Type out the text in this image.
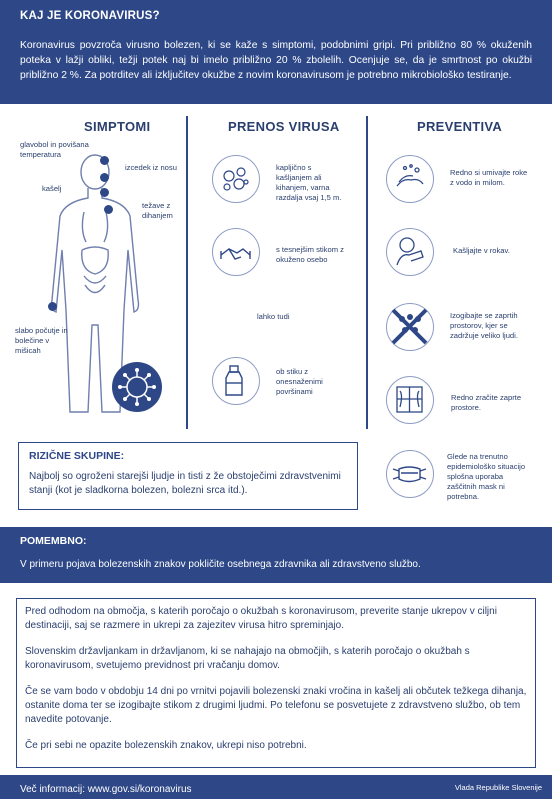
KAJ JE KORONAVIRUS?
Koronavirus povzroča virusno bolezen, ki se kaže s simptomi, podobnimi gripi. Pri približno 80 % okuženih poteka v lažji obliki, težji potek naj bi imelo približno 20 % zbolelih. Ocenjuje se, da je smrtnost po okužbi približno 2 %. Za potrditev ali izključitev okužbe z novim koronavirusom je potrebno mikrobiološko testiranje.
SIMPTOMI	PRENOS VIRUSA	PREVENTIVA
glavobol in povišana temperatura
izcedek iz nosu
kašelj
težave z dihanjem
slabo počutje in bolečine v mišicah
kapljično s kašljanjem ali kihanjem, varna razdalja vsaj 1,5 m.
s tesnejšim stikom z okuženo osebo
lahko tudi
ob stiku z onesnaženimi površinami
Redno si umivajte roke z vodo in milom.
Kašljajte v rokav.
Izogibajte se zaprtih prostorov, kjer se zadržuje veliko ljudi.
Redno zračite zaprte prostore.
Glede na trenutno epidemiološko situacijo splošna uporaba zaščitnih mask ni potrebna.
RIZIČNE SKUPINE:
Najbolj so ogroženi starejši ljudje in tisti z že obstoječimi zdravstvenimi stanji (kot je sladkorna bolezen, bolezni srca itd.).
POMEMBNO:
V primeru pojava bolezenskih znakov pokličite osebnega zdravnika ali zdravstveno službo.

Pred odhodom na območja, s katerih poročajo o okužbah s koronavirusom, preverite stanje ukrepov v ciljni destinaciji, saj se razmere in ukrepi za zajezitev virusa hitro spreminjajo.

Slovenskim državljankam in državljanom, ki se nahajajo na območjih, s katerih poročajo o okužbah s koronavirusom, svetujemo previdnost pri vračanju domov.

Če se vam bodo v obdobju 14 dni po vrnitvi pojavili bolezenski znaki vročina in kašelj ali občutek težkega dihanja, ostanite doma ter se izogibajte stikom z drugimi ljudmi. Po telefonu se posvetujete z zdravstveno službo, ob tem navedite potovanje.

Če pri sebi ne opazite bolezenskih znakov, ukrepi niso potrebni.

Več informacij: www.gov.si/koronavirus	Vlada Republike Slovenije
